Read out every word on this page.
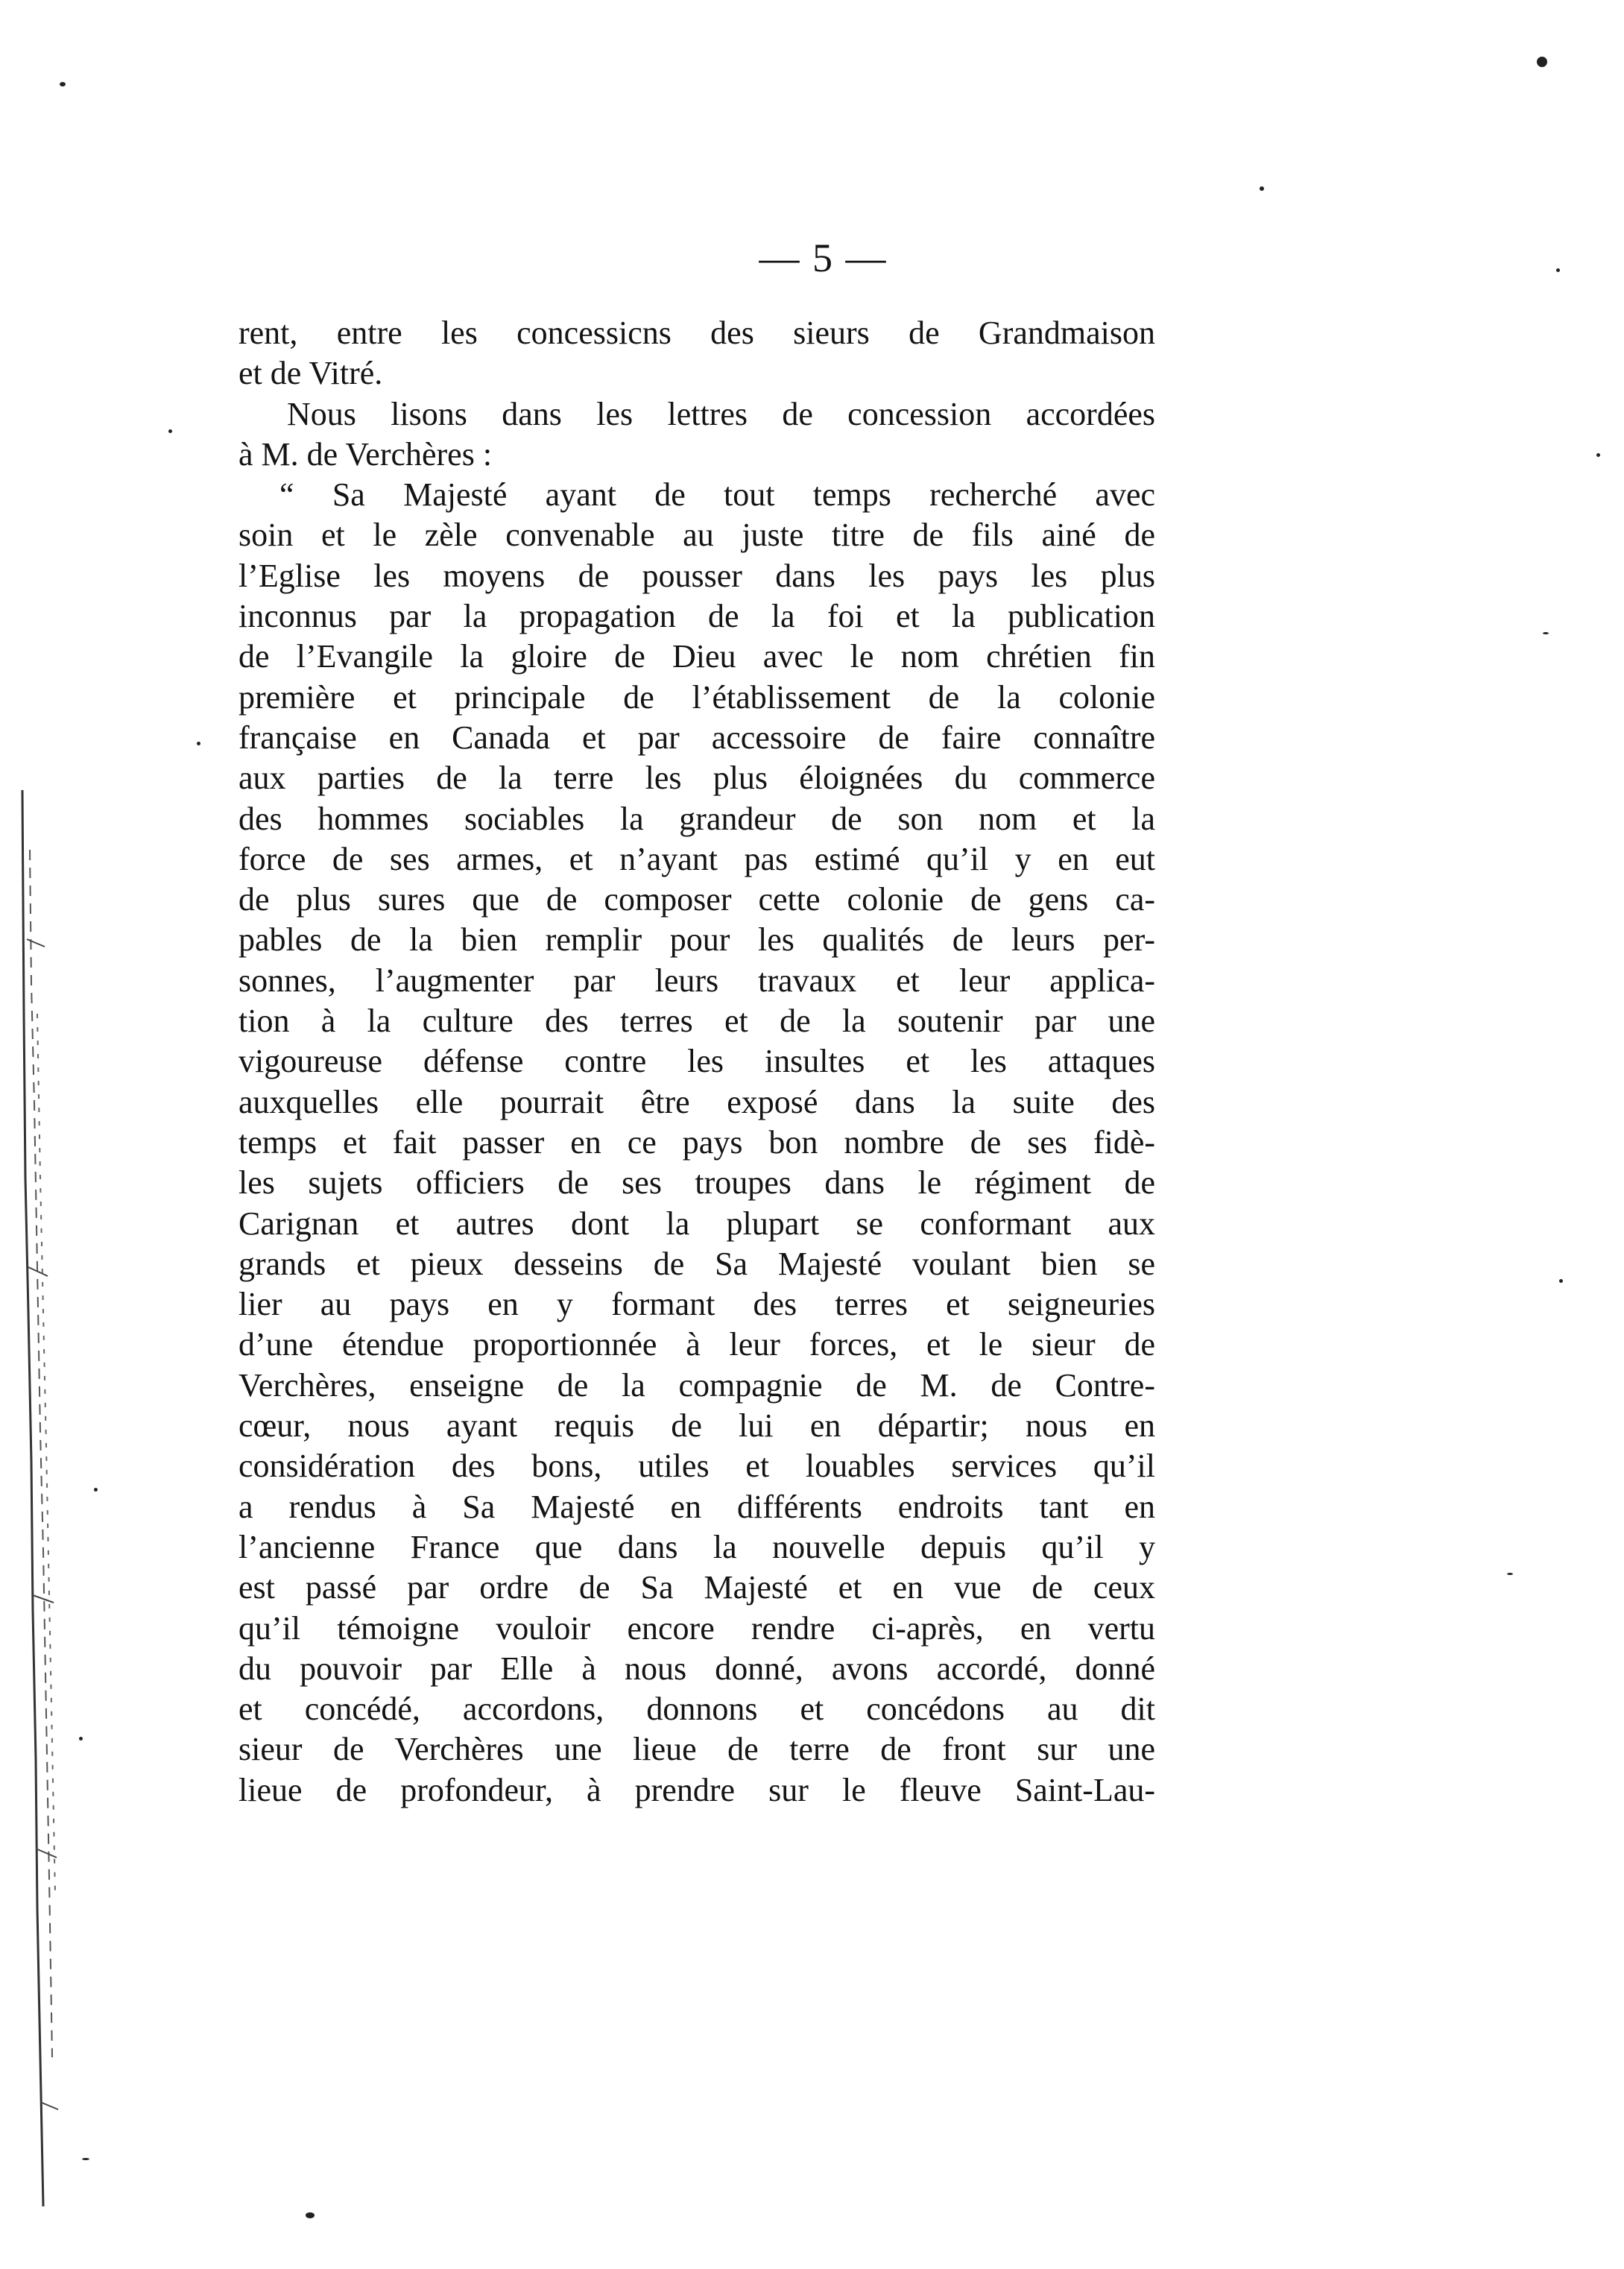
— 5 —
rent, entre les concessicns des sieurs de Grandmaison
et de Vitré.
Nous lisons dans les lettres de concession accordées
à M. de Verchères :
“ Sa Majesté ayant de tout temps recherché avec
soin et le zèle convenable au juste titre de fils ainé de
l’Eglise les moyens de pousser dans les pays les plus
inconnus par la propagation de la foi et la publication
de l’Evangile la gloire de Dieu avec le nom chrétien fin
première et principale de l’établissement de la colonie
française en Canada et par accessoire de faire connaître
aux parties de la terre les plus éloignées du commerce
des hommes sociables la grandeur de son nom et la
force de ses armes, et n’ayant pas estimé qu’il y en eut
de plus sures que de composer cette colonie de gens ca-
pables de la bien remplir pour les qualités de leurs per-
sonnes, l’augmenter par leurs travaux et leur applica-
tion à la culture des terres et de la soutenir par une
vigoureuse défense contre les insultes et les attaques
auxquelles elle pourrait être exposé dans la suite des
temps et fait passer en ce pays bon nombre de ses fidè-
les sujets officiers de ses troupes dans le régiment de
Carignan et autres dont la plupart se conformant aux
grands et pieux desseins de Sa Majesté voulant bien se
lier au pays en y formant des terres et seigneuries
d’une étendue proportionnée à leur forces, et le sieur de
Verchères, enseigne de la compagnie de M. de Contre-
cœur, nous ayant requis de lui en départir; nous en
considération des bons, utiles et louables services qu’il
a rendus à Sa Majesté en différents endroits tant en
l’ancienne France que dans la nouvelle depuis qu’il y
est passé par ordre de Sa Majesté et en vue de ceux
qu’il témoigne vouloir encore rendre ci-après, en vertu
du pouvoir par Elle à nous donné, avons accordé, donné
et concédé, accordons, donnons et concédons au dit
sieur de Verchères une lieue de terre de front sur une
lieue de profondeur, à prendre sur le fleuve Saint-Lau-
